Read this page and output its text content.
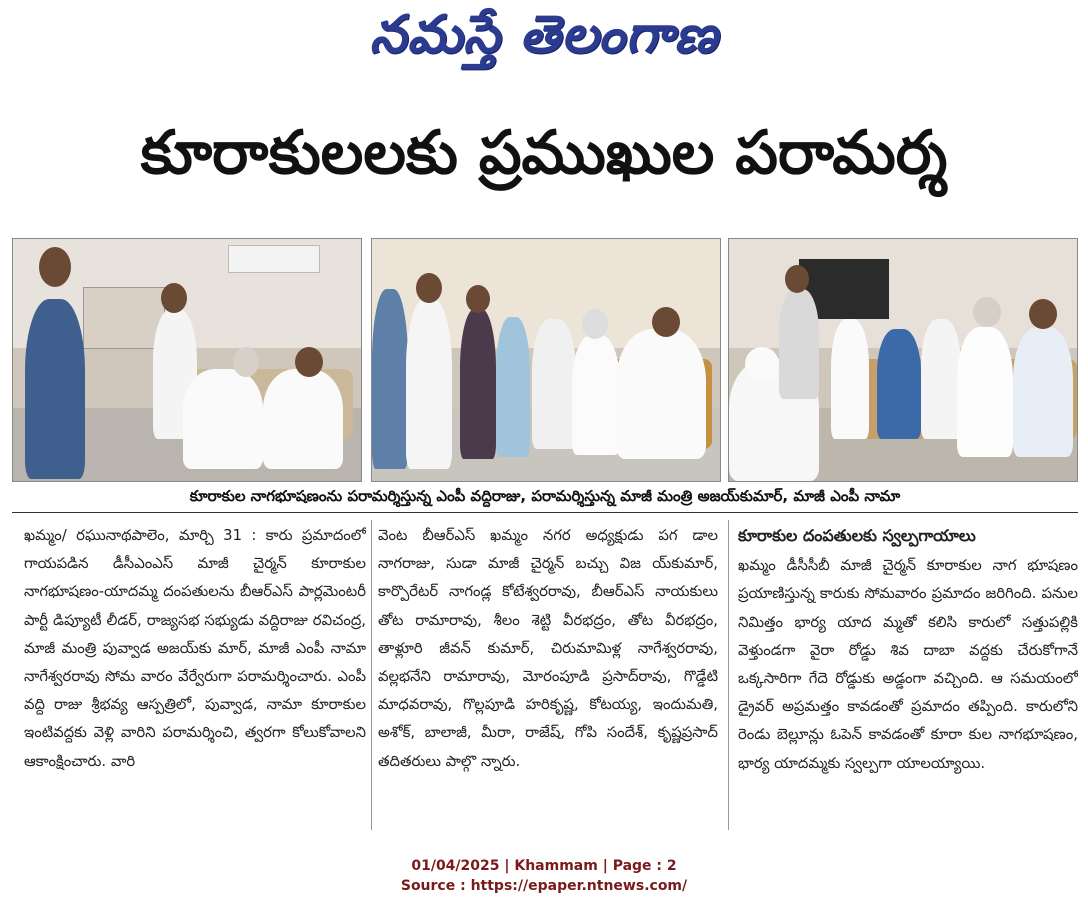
నమస్తే తెలంగాణ
కూరాకులలకు ప్రముఖుల పరామర్శ
కూరాకుల నాగభూషణంను పరామర్శిస్తున్న ఎంపీ వద్దిరాజు, పరామర్శిస్తున్న మాజీ మంత్రి అజయ్‌కుమార్, మాజీ ఎంపీ నామా
ఖమ్మం/ రఘునాథపాలెం, మార్చి 31 : కారు ప్రమాదంలో గాయపడిన డీసీఎంఎస్ మాజీ చైర్మన్ కూరాకుల నాగభూషణం-యాదమ్మ దంపతులను బీఆర్‌ఎస్ పార్లమెంటరీ పార్టీ డిప్యూటీ లీడర్, రాజ్యసభ సభ్యుడు వద్దిరాజు రవిచంద్ర, మాజీ మంత్రి పువ్వాడ అజయ్‌కు మార్, మాజీ ఎంపీ నామా నాగేశ్వరరావు సోమ వారం వేర్వేరుగా పరామర్శించారు. ఎంపీ వద్ది రాజు శ్రీభవ్య ఆస్పత్రిలో, పువ్వాడ, నామా కూరాకుల ఇంటివద్దకు వెళ్లి వారిని పరామర్శించి, త్వరగా కోలుకోవాలని ఆకాంక్షించారు. వారి
వెంట బీఆర్‌ఎస్ ఖమ్మం నగర అధ్యక్షుడు పగ డాల నాగరాజు, సుడా మాజీ చైర్మన్ బచ్చు విజ య్‌కుమార్, కార్పొరేటర్ నాగండ్ల కోటేశ్వరరావు, బీఆర్‌ఎస్ నాయకులు తోట రామారావు, శీలం శెట్టి వీరభద్రం, తోట వీరభద్రం, తాళ్లూరి జీవన్ కుమార్, చిరుమామిళ్ల నాగేశ్వరరావు, వల్లభనేని రామారావు, మోరంపూడి ప్రసాద్‌రావు, గొడ్డేటి మాధవరావు, గొల్లపూడి హరికృష్ణ, కోటయ్య, ఇందుమతి, అశోక్, బాలాజీ, మీరా, రాజేష్, గోపి సందేశ్, కృష్ణప్రసాద్ తదితరులు పాల్గొ న్నారు.
కూరాకుల దంపతులకు స్వల్పగాయాలు
ఖమ్మం డీసీసీబీ మాజీ చైర్మన్ కూరాకుల నాగ భూషణం ప్రయాణిస్తున్న కారుకు సోమవారం ప్రమాదం జరిగింది. పనుల నిమిత్తం భార్య యాద మ్మతో కలిసి కారులో సత్తుపల్లికి వెళ్తుండగా వైరా రోడ్డు శివ దాబా వద్దకు చేరుకోగానే ఒక్కసారిగా గేదె రోడ్డుకు అడ్డంగా వచ్చింది. ఆ సమయంలో డ్రైవర్ అప్రమత్తం కావడంతో ప్రమాదం తప్పింది. కారులోని రెండు బెల్లూన్లు ఓపెన్ కావడంతో కూరా కుల నాగభూషణం, భార్య యాదమ్మకు స్వల్పగా యాలయ్యాయి.
01/04/2025 | Khammam | Page : 2
Source : https://epaper.ntnews.com/
